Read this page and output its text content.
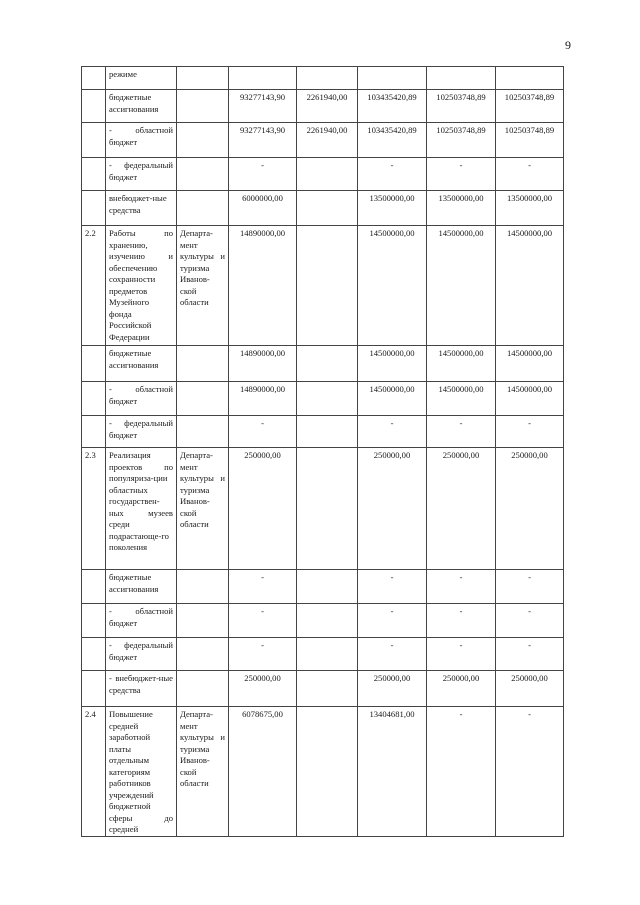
9
	режиме						
	бюджетные ассигнования		93277143,90	2261940,00	103435420,89	102503748,89	102503748,89
	- областной бюджет		93277143,90	2261940,00	103435420,89	102503748,89	102503748,89
	- федеральный бюджет		-		-	-	-
	внебюджет-ные средства		6000000,00		13500000,00	13500000,00	13500000,00
2.2	Работы по хранению, изучению и обеспечению сохранности предметов Музейного фонда Российской Федерации	Департа-мент культуры и туризма Иванов-ской области	14890000,00		14500000,00	14500000,00	14500000,00
	бюджетные ассигнования		14890000,00		14500000,00	14500000,00	14500000,00
	- областной бюджет		14890000,00		14500000,00	14500000,00	14500000,00
	- федеральный бюджет		-		-	-	-
2.3	Реализация проектов по популяриза-ции областных государствен-ных музеев среди подрастающе-го поколения	Департа-мент культуры и туризма Иванов-ской области	250000,00		250000,00	250000,00	250000,00
	бюджетные ассигнования		-		-	-	-
	- областной бюджет		-		-	-	-
	- федеральный бюджет		-		-	-	-
	- внебюджет-ные средства		250000,00		250000,00	250000,00	250000,00
2.4	Повышение средней заработной платы отдельным категориям работников учреждений бюджетной сферы до средней	Департа-мент культуры и туризма Иванов-ской области	6078675,00		13404681,00	-	-
